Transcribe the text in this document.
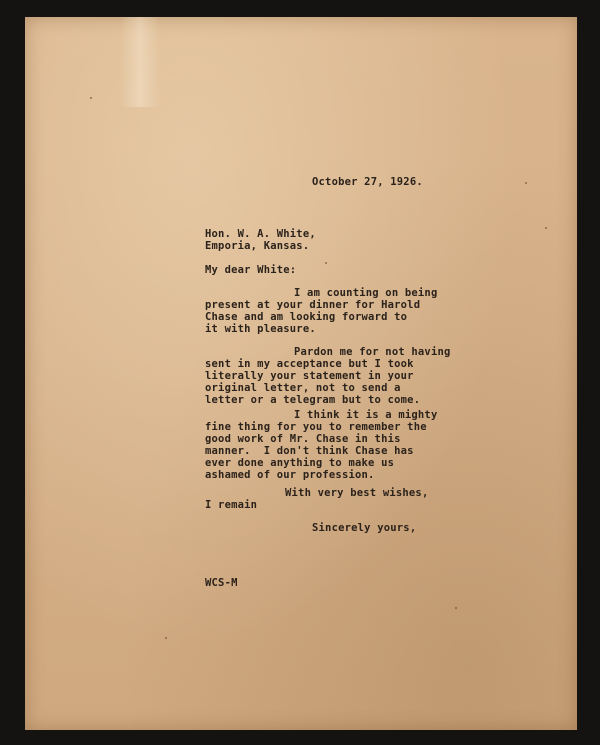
October 27, 1926.
Hon. W. A. White,
Emporia, Kansas.
My dear White:
I am counting on being
present at your dinner for Harold
Chase and am looking forward to
it with pleasure.
Pardon me for not having
sent in my acceptance but I took
literally your statement in your
original letter, not to send a
letter or a telegram but to come.
I think it is a mighty
fine thing for you to remember the
good work of Mr. Chase in this
manner.  I don't think Chase has
ever done anything to make us
ashamed of our profession.
With very best wishes,
I remain
Sincerely yours,
WCS-M
